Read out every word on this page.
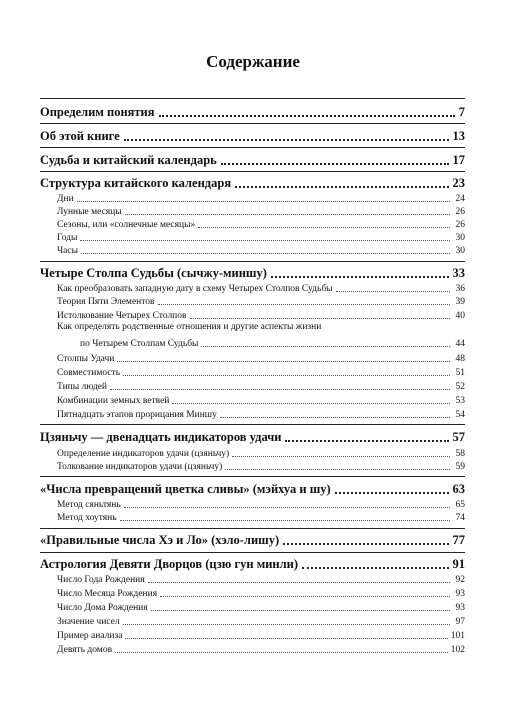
Содержание
Определим понятия	7
Об этой книге	13
Судьба и китайский календарь	17
Структура китайского календаря	23
Дни	24
Лунные месяцы	26
Сезоны, или «солнечные месяцы»	26
Годы	30
Часы	30
Четыре Столпа Судьбы (сычжу-миншу)	33
Как преобразовать западную дату в схему Четырех Столпов Судьбы	36
Теория Пяти Элементов	39
Истолкование Четырех Столпов	40
Как определять родственные отношения и другие аспекты жизни
по Четырем Столпам Судьбы	44
Столпы Удачи	48
Совместимость	51
Типы людей	52
Комбинации земных ветвей	53
Пятнадцать этапов прорицания Миншу	54
Цзяньчу — двенадцать индикаторов удачи	57
Определение индикаторов удачи (цзяньчу)	58
Толкование индикаторов удачи (цзяньчу)	59
«Числа превращений цветка сливы» (мэйхуа и шу)	63
Метод сяньтянь	65
Метод хоутянь	74
«Правильные числа Хэ и Ло» (хэло-лишу)	77
Астрология Девяти Дворцов (цзю гун минли)	91
Число Года Рождения	92
Число Месяца Рождения	93
Число Дома Рождения	93
Значение чисел	97
Пример анализа	101
Девять домов	102
